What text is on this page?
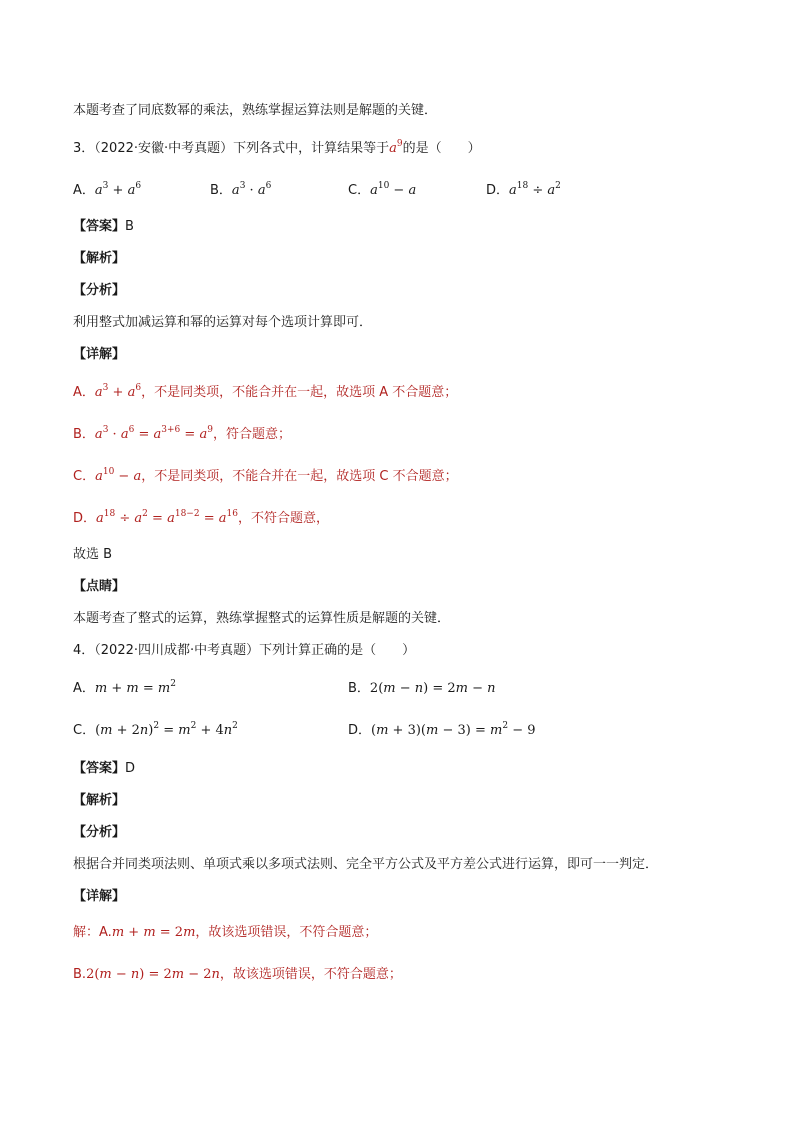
本题考查了同底数幂的乘法，熟练掌握运算法则是解题的关键．
3．（2022·安徽·中考真题）下列各式中，计算结果等于$a^9$的是（　　）
A．$a^3 + a^6$	B．$a^3 \cdot a^6$	C．$a^{10} - a$	D．$a^{18} \div a^2$
【答案】B
【解析】
【分析】
利用整式加减运算和幂的运算对每个选项计算即可．
【详解】
A．$a^3 + a^6$，不是同类项，不能合并在一起，故选项 A 不合题意；
B．$a^3 \cdot a^6 = a^{3+6} = a^9$，符合题意；
C．$a^{10} - a$，不是同类项，不能合并在一起，故选项 C 不合题意；
D．$a^{18} \div a^2 = a^{18-2} = a^{16}$，不符合题意，
故选 B
【点睛】
本题考查了整式的运算，熟练掌握整式的运算性质是解题的关键．
4．（2022·四川成都·中考真题）下列计算正确的是（　　）
A．$m + m = m^2$	B．2(m − n) = 2m − n
C．$(m + 2n)^2 = m^2 + 4n^2$	D．$(m + 3)(m - 3) = m^2 - 9$
【答案】D
【解析】
【分析】
根据合并同类项法则、单项式乘以多项式法则、完全平方公式及平方差公式进行运算，即可一一判定．
【详解】
解：A.m + m = 2m，故该选项错误，不符合题意；
B.2(m − n) = 2m − 2n，故该选项错误，不符合题意；
